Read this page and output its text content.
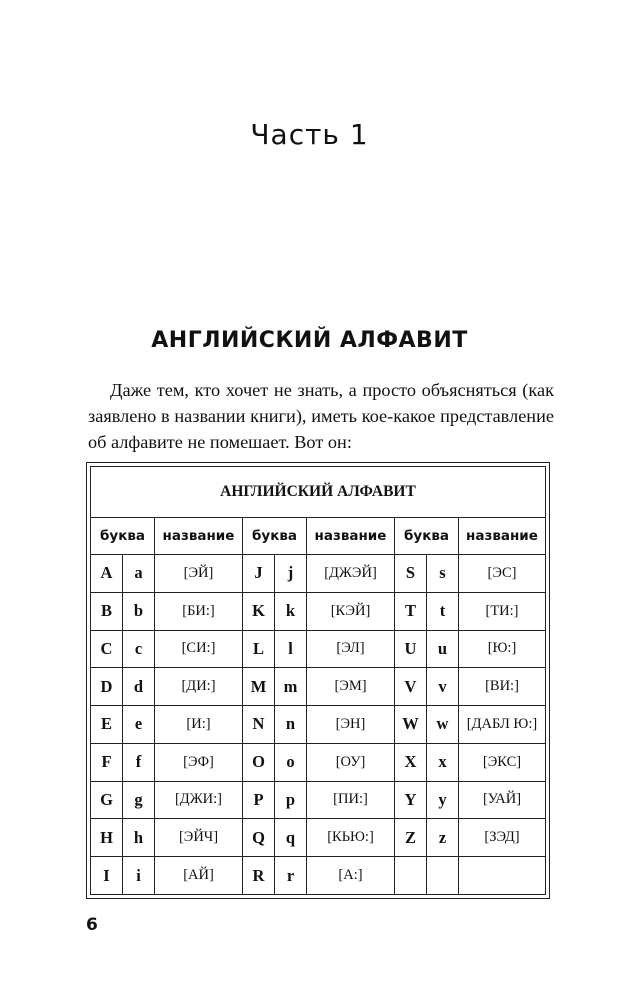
Часть 1
АНГЛИЙСКИЙ АЛФАВИТ

Даже тем, кто хочет не знать, а просто объясняться (как заявлено в названии книги), иметь кое-какое представление об алфавите не помешает. Вот он:

АНГЛИЙСКИЙ АЛФАВИТ								
буква		название	буква		название	буква		название
A	a	[ЭЙ]	J	j	[ДЖЭЙ]	S	s	[ЭС]
B	b	[БИ:]	K	k	[КЭЙ]	T	t	[ТИ:]
C	c	[СИ:]	L	l	[ЭЛ]	U	u	[Ю:]
D	d	[ДИ:]	M	m	[ЭМ]	V	v	[ВИ:]
E	e	[И:]	N	n	[ЭН]	W	w	[ДАБЛ Ю:]
F	f	[ЭФ]	O	o	[ОУ]	X	x	[ЭКС]
G	g	[ДЖИ:]	P	p	[ПИ:]	Y	y	[УАЙ]
H	h	[ЭЙЧ]	Q	q	[КЬЮ:]	Z	z	[ЗЭД]
I	i	[АЙ]	R	r	[А:]			
6
